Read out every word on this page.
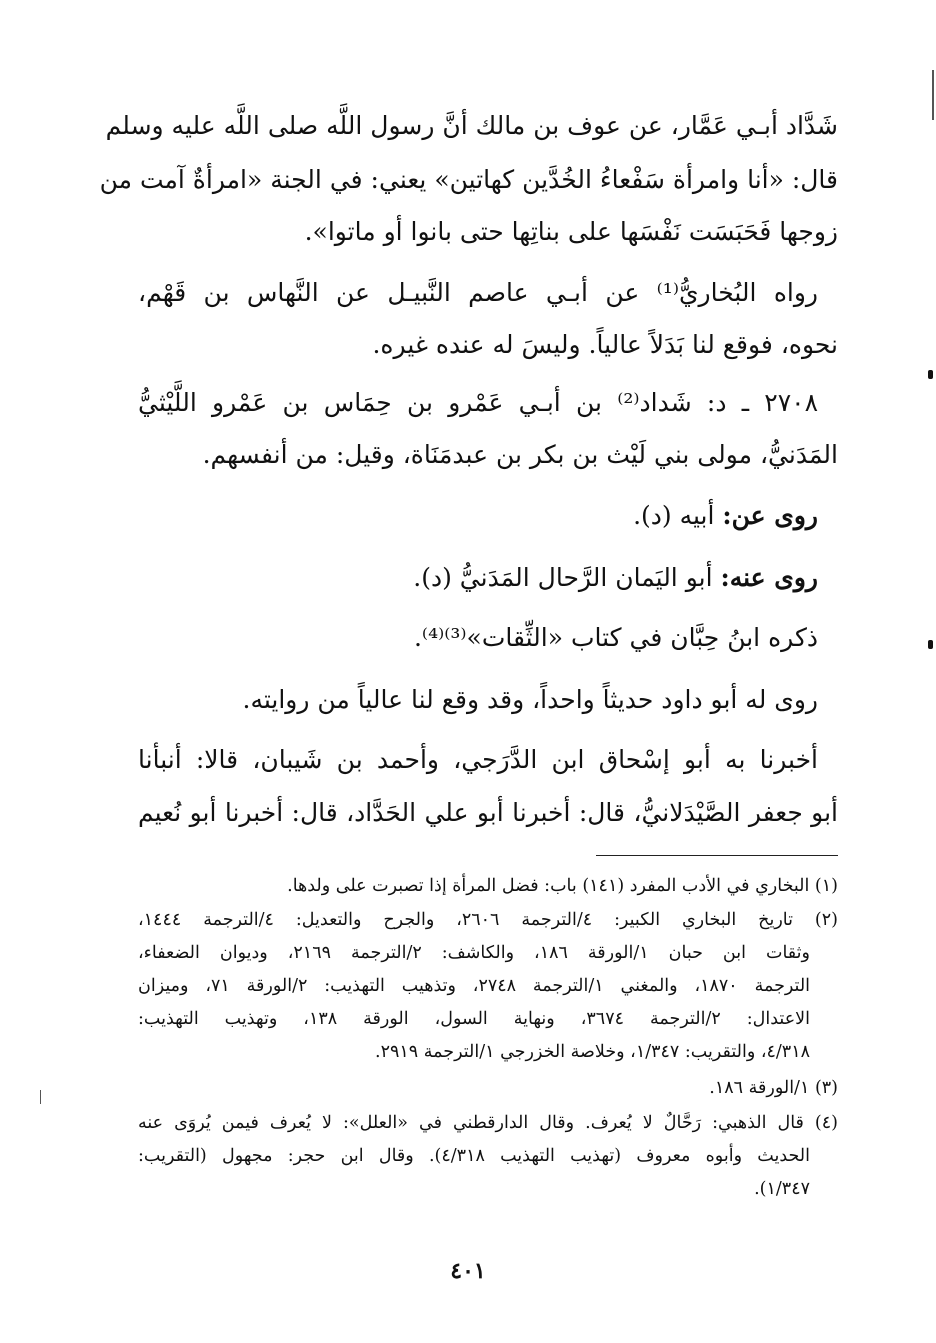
شَدَّاد أبـي عَمَّار، عن عوف بن مالك أنَّ رسول اللَّه صلى اللَّه عليه وسلم
قال: «أنا وامرأة سَفْعاءُ الخُدَّين كهاتين» يعني: في الجنة «امرأةٌ آمت من
زوجها فَحَبَسَت نَفْسَها على بناتِها حتى بانوا أو ماتوا».
رواه البُخاريُّ⁽¹⁾ عن أبـي عاصم النَّبيـل عن النَّهاس بن قَهْم،
نحوه، فوقع لنا بَدَلاً عالياً. وليسَ له عنده غيره.
٢٧٠٨ ـ د: شَداد⁽²⁾ بن أبـي عَمْرو بن حِمَاس بن عَمْرو اللَّيْثيُّ
المَدَنيُّ، مولى بني لَيْث بن بكر بن عبدمَنَاة، وقيل: من أنفسهم.
روى عن: أبيه (د).
روى عنه: أبو اليَمان الرَّحال المَدَنيُّ (د).
ذكره ابنُ حِبَّان في كتاب «الثِّقات»⁽³⁾⁽⁴⁾.
روى له أبو داود حديثاً واحداً، وقد وقع لنا عالياً من روايته.
أخبرنا به أبو إسْحاق ابن الدَّرَجي، وأحمد بن شَيبان، قالا: أنبأنا
أبو جعفر الصَّيْدَلانيُّ، قال: أخبرنا أبو علي الحَدَّاد، قال: أخبرنا أبو نُعيم
(١) البخاري في الأدب المفرد (١٤١) باب: فضل المرأة إذا تصبرت على ولدها.
(٢) تاريخ البخاري الكبير: ٤/الترجمة ٢٦٠٦، والجرح والتعديل: ٤/الترجمة ١٤٤٤،
وثقات ابن حبان ١/الورقة ١٨٦، والكاشف: ٢/الترجمة ٢١٦٩، وديوان الضعفاء،
الترجمة ١٨٧٠، والمغني ١/الترجمة ٢٧٤٨، وتذهيب التهذيب: ٢/الورقة ٧١، وميزان
الاعتدال: ٢/الترجمة ٣٦٧٤، ونهاية السول، الورقة ١٣٨، وتهذيب التهذيب:
٤/٣١٨، والتقريب: ١/٣٤٧، وخلاصة الخزرجي ١/الترجمة ٢٩١٩.
(٣) ١/الورقة ١٨٦.
(٤) قال الذهبي: رَحَّالٌ لا يُعرف. وقال الدارقطني في «العلل»: لا يُعرف فيمن يُروَى عنه
الحديث وأبوه معروف (تهذيب التهذيب ٤/٣١٨). وقال ابن حجر: مجهول (التقريب:
١/٣٤٧).
٤٠١
